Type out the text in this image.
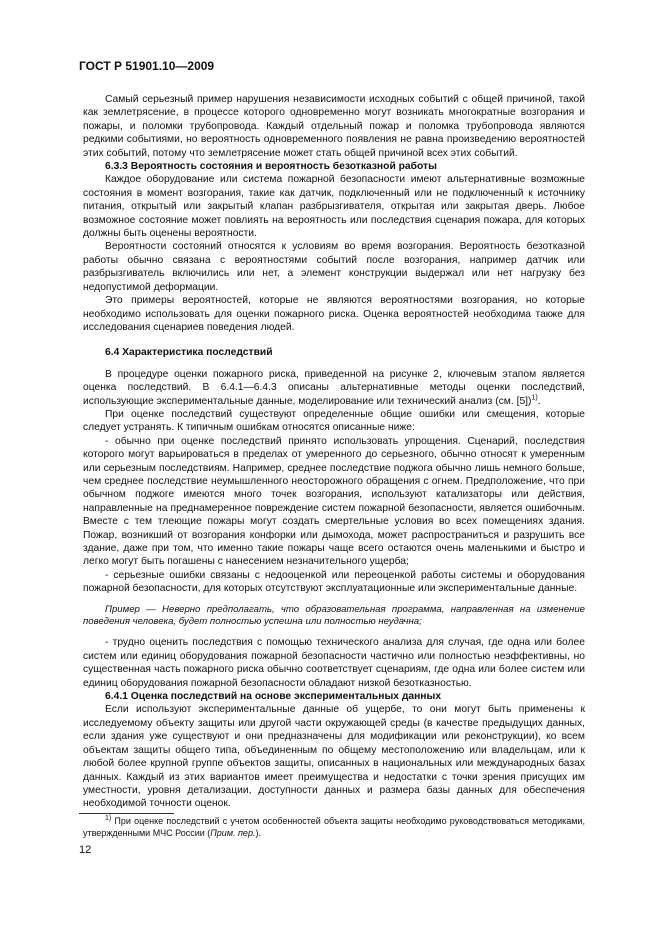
ГОСТ Р 51901.10—2009

Самый серьезный пример нарушения независимости исходных событий с общей причиной, такой как землетрясение, в процессе которого одновременно могут возникать многократные возгорания и пожары, и поломки трубопровода. Каждый отдельный пожар и поломка трубопровода являются редкими событиями, но вероятность одновременного появления не равна произведению вероятностей этих событий, потому что землетрясение может стать общей причиной всех этих событий.

6.3.3 Вероятность состояния и вероятность безотказной работы

Каждое оборудование или система пожарной безопасности имеют альтернативные возможные состояния в момент возгорания, такие как датчик, подключенный или не подключенный к источнику питания, открытый или закрытый клапан разбрызгивателя, открытая или закрытая дверь. Любое возможное состояние может повлиять на вероятность или последствия сценария пожара, для которых должны быть оценены вероятности.

Вероятности состояний относятся к условиям во время возгорания. Вероятность безотказной работы обычно связана с вероятностями событий после возгорания, например датчик или разбрызгиватель включились или нет, а элемент конструкции выдержал или нет нагрузку без недопустимой деформации.

Это примеры вероятностей, которые не являются вероятностями возгорания, но которые необходимо использовать для оценки пожарного риска. Оценка вероятностей необходима также для исследования сценариев поведения людей.

6.4 Характеристика последствий

В процедуре оценки пожарного риска, приведенной на рисунке 2, ключевым этапом является оценка последствий. В 6.4.1—6.4.3 описаны альтернативные методы оценки последствий, использующие экспериментальные данные, моделирование или технический анализ (см. [5])$^{1)}$.

При оценке последствий существуют определенные общие ошибки или смещения, которые следует устранять. К типичным ошибкам относятся описанные ниже:

- обычно при оценке последствий принято использовать упрощения. Сценарий, последствия которого могут варьироваться в пределах от умеренного до серьезного, обычно относят к умеренным или серьезным последствиям. Например, среднее последствие поджога обычно лишь немного больше, чем среднее последствие неумышленного неосторожного обращения с огнем. Предположение, что при обычном поджоге имеются много точек возгорания, используют катализаторы или действия, направленные на преднамеренное повреждение систем пожарной безопасности, является ошибочным. Вместе с тем тлеющие пожары могут создать смертельные условия во всех помещениях здания. Пожар, возникший от возгорания конфорки или дымохода, может распространиться и разрушить все здание, даже при том, что именно такие пожары чаще всего остаются очень маленькими и быстро и легко могут быть погашены с нанесением незначительного ущерба;

- серьезные ошибки связаны с недооценкой или переоценкой работы системы и оборудования пожарной безопасности, для которых отсутствуют эксплуатационные или экспериментальные данные.

Пример — Неверно предполагать, что образовательная программа, направленная на изменение поведения человека, будет полностью успешна или полностью неудачна;

- трудно оценить последствия с помощью технического анализа для случая, где одна или более систем или единиц оборудования пожарной безопасности частично или полностью неэффективны, но существенная часть пожарного риска обычно соответствует сценариям, где одна или более систем или единиц оборудования пожарной безопасности обладают низкой безотказностью.

6.4.1 Оценка последствий на основе экспериментальных данных

Если используют экспериментальные данные об ущербе, то они могут быть применены к исследуемому объекту защиты или другой части окружающей среды (в качестве предыдущих данных, если здания уже существуют и они предназначены для модификации или реконструкции), ко всем объектам защиты общего типа, объединенным по общему местоположению или владельцам, или к любой более крупной группе объектов защиты, описанных в национальных или международных базах данных. Каждый из этих вариантов имеет преимущества и недостатки с точки зрения присущих им уместности, уровня детализации, доступности данных и размера базы данных для обеспечения необходимой точности оценок.

$^{1)}$ При оценке последствий с учетом особенностей объекта защиты необходимо руководствоваться методиками, утвержденными МЧС России (Прим. пер.).
12
